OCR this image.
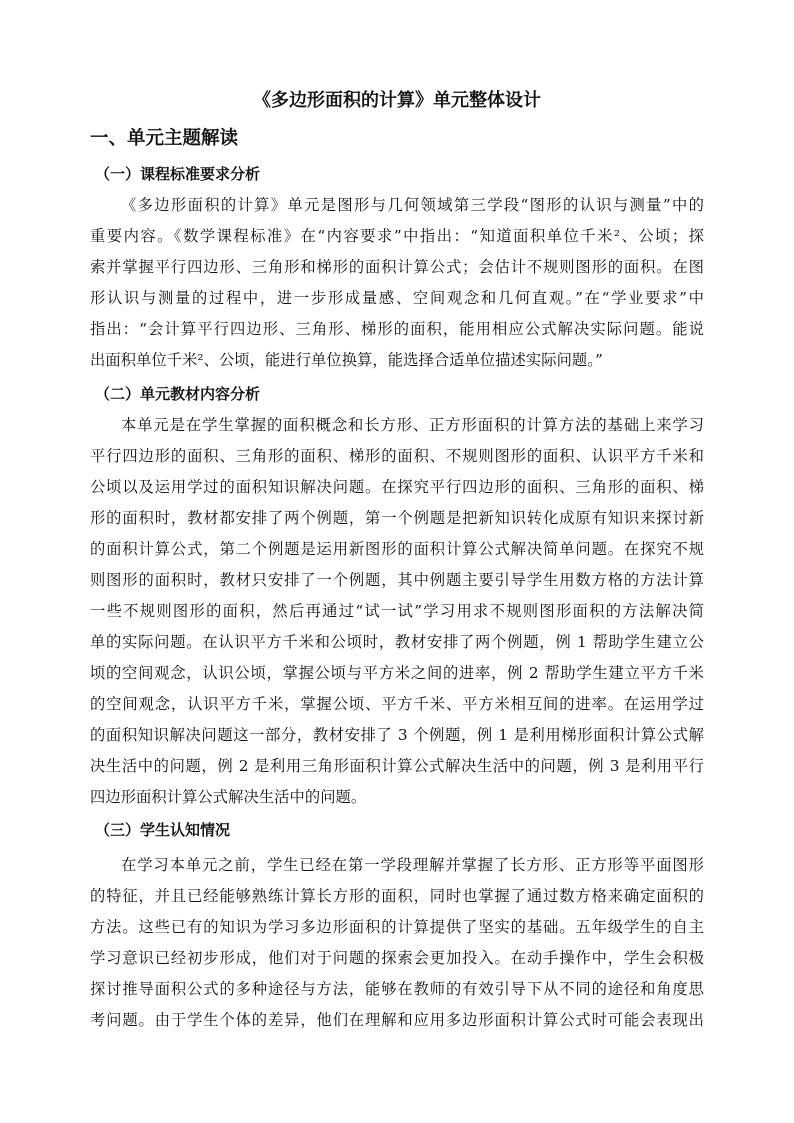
《多边形面积的计算》单元整体设计
一、单元主题解读
（一）课程标准要求分析
《多边形面积的计算》单元是图形与几何领域第三学段“图形的认识与测量”中的
重要内容。《数学课程标准》在“内容要求”中指出：“知道面积单位千米²、公顷；探
索并掌握平行四边形、三角形和梯形的面积计算公式；会估计不规则图形的面积。在图
形认识与测量的过程中，进一步形成量感、空间观念和几何直观。”在“学业要求”中
指出：“会计算平行四边形、三角形、梯形的面积，能用相应公式解决实际问题。能说
出面积单位千米²、公顷，能进行单位换算，能选择合适单位描述实际问题。”
（二）单元教材内容分析
本单元是在学生掌握的面积概念和长方形、正方形面积的计算方法的基础上来学习
平行四边形的面积、三角形的面积、梯形的面积、不规则图形的面积、认识平方千米和
公顷以及运用学过的面积知识解决问题。在探究平行四边形的面积、三角形的面积、梯
形的面积时，教材都安排了两个例题，第一个例题是把新知识转化成原有知识来探讨新
的面积计算公式，第二个例题是运用新图形的面积计算公式解决简单问题。在探究不规
则图形的面积时，教材只安排了一个例题，其中例题主要引导学生用数方格的方法计算
一些不规则图形的面积，然后再通过“试一试”学习用求不规则图形面积的方法解决简
单的实际问题。在认识平方千米和公顷时，教材安排了两个例题，例 1 帮助学生建立公
顷的空间观念，认识公顷，掌握公顷与平方米之间的进率，例 2 帮助学生建立平方千米
的空间观念，认识平方千米，掌握公顷、平方千米、平方米相互间的进率。在运用学过
的面积知识解决问题这一部分，教材安排了 3 个例题，例 1 是利用梯形面积计算公式解
决生活中的问题，例 2 是利用三角形面积计算公式解决生活中的问题，例 3 是利用平行
四边形面积计算公式解决生活中的问题。
（三）学生认知情况
在学习本单元之前，学生已经在第一学段理解并掌握了长方形、正方形等平面图形
的特征，并且已经能够熟练计算长方形的面积，同时也掌握了通过数方格来确定面积的
方法。这些已有的知识为学习多边形面积的计算提供了坚实的基础。五年级学生的自主
学习意识已经初步形成，他们对于问题的探索会更加投入。在动手操作中，学生会积极
探讨推导面积公式的多种途径与方法，能够在教师的有效引导下从不同的途径和角度思
考问题。由于学生个体的差异，他们在理解和应用多边形面积计算公式时可能会表现出
